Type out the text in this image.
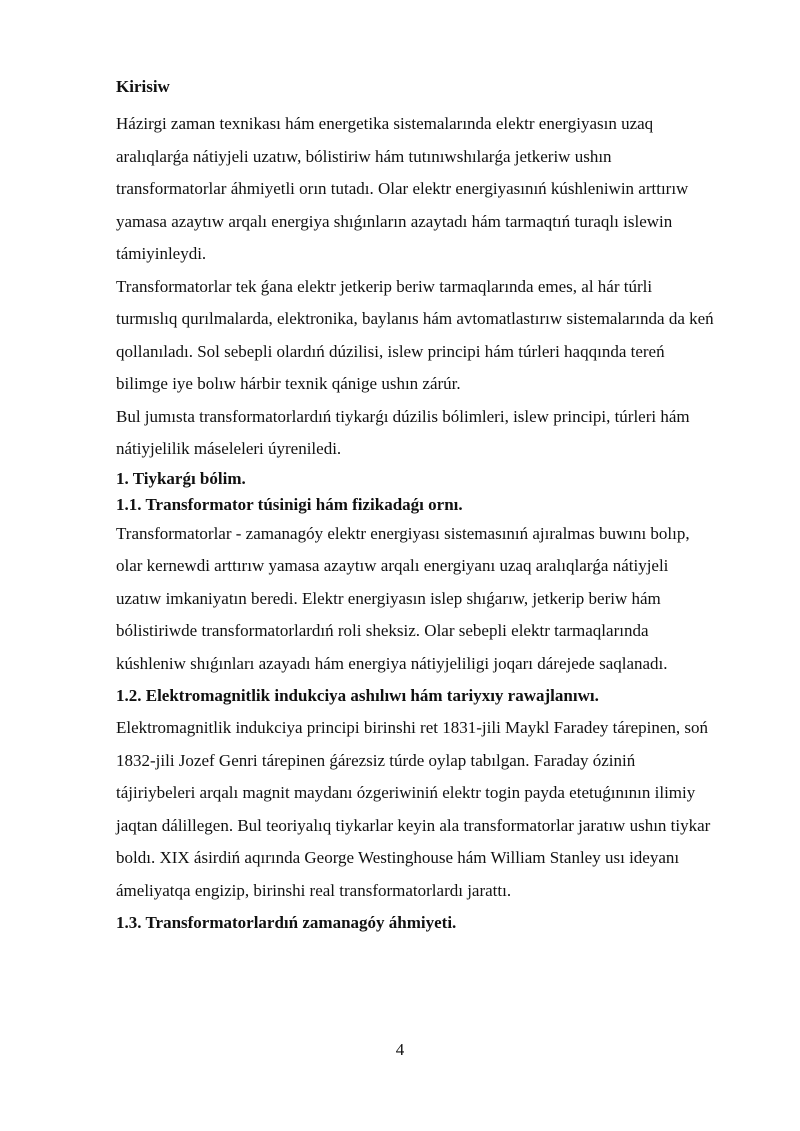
Kirisiw

Házirgi zaman texnikası hám energetika sistemalarında elektr energiyasın uzaq aralıqlarǵa nátiyjeli uzatıw, bólistiriw hám tutınıwshılarǵa jetkeriw ushın transformatorlar áhmiyetli orın tutadı. Olar elektr energiyasınıń kúshleniwin arttırıw yamasa azaytıw arqalı energiya shıǵınların azaytadı hám tarmaqtıń turaqlı islewin támiyinleydi.

Transformatorlar tek ǵana elektr jetkerip beriw tarmaqlarında emes, al hár túrli turmıslıq qurılmalarda, elektronika, baylanıs hám avtomatlastırıw sistemalarında da keń qollanıladı. Sol sebepli olardıń dúzilisi, islew principi hám túrleri haqqında tereń bilimge iye bolıw hárbir texnik qánige ushın zárúr.

Bul jumısta transformatorlardıń tiykarǵı dúzilis bólimleri, islew principi, túrleri hám nátiyjelilik máseleleri úyreniledi.

1. Tiykarǵı bólim.

1.1. Transformator túsinigi hám fizikadaǵı ornı.

Transformatorlar - zamanagóy elektr energiyası sistemasınıń ajıralmas buwını bolıp, olar kernewdi arttırıw yamasa azaytıw arqalı energiyanı uzaq aralıqlarǵa nátiyjeli uzatıw imkaniyatın beredi. Elektr energiyasın islep shıǵarıw, jetkerip beriw hám bólistiriwde transformatorlardıń roli sheksiz. Olar sebepli elektr tarmaqlarında kúshleniw shıǵınları azayadı hám energiya nátiyjeliligi joqarı dárejede saqlanadı.

1.2. Elektromagnitlik indukciya ashılıwı hám tariyxıy rawajlanıwı.

Elektromagnitlik indukciya principi birinshi ret 1831-jili Maykl Faradey tárepinen, soń 1832-jili Jozef Genri tárepinen ǵárezsiz túrde oylap tabılgan. Faraday óziniń tájiriybeleri arqalı magnit maydanı ózgeriwiniń elektr togin payda etetuǵınının ilimiy jaqtan dálillegen. Bul teoriyalıq tiykarlar keyin ala transformatorlar jaratıw ushın tiykar boldı. XIX ásirdiń aqırında George Westinghouse hám William Stanley usı ideyanı ámeliyatqa engizip, birinshi real transformatorlardı jarattı.

1.3. Transformatorlardıń zamanagóy áhmiyeti.

4
